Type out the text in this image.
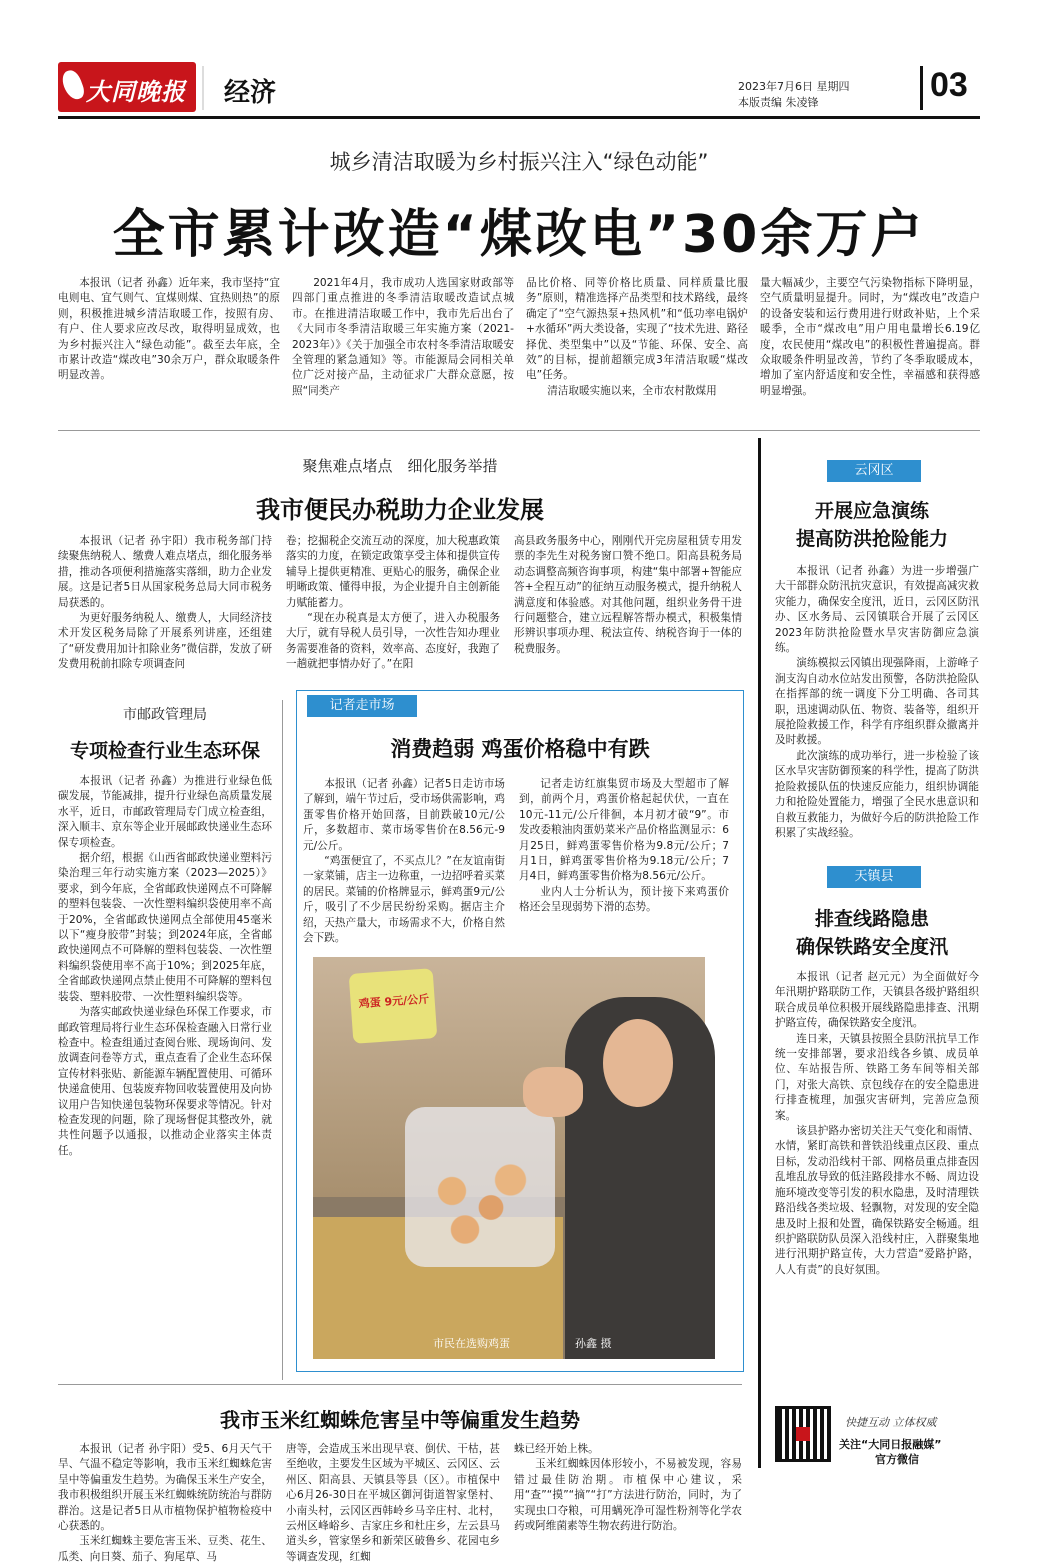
大同晚报 经济	2023年7月6日 星期四
本版责编 朱凌锋	03
城乡清洁取暖为乡村振兴注入“绿色动能”
全市累计改造“煤改电”30余万户

本报讯（记者 孙鑫）近年来，我市坚持“宜电则电、宜气则气、宜煤则煤、宜热则热”的原则，积极推进城乡清洁取暖工作，按照有房、有户、住人要求应改尽改，取得明显成效，也为乡村振兴注入“绿色动能”。截至去年底，全市累计改造“煤改电”30余万户，群众取暖条件明显改善。

2021年4月，我市成功人选国家财政部等四部门重点推进的冬季清洁取暖改造试点城市。在推进清洁取暖工作中，我市先后出台了《大同市冬季清洁取暖三年实施方案（2021-2023年）》《关于加强全市农村冬季清洁取暖安全管理的紧急通知》等。市能源局会同相关单位广泛对接产品，主动征求广大群众意愿，按照“同类产

品比价格、同等价格比质量、同样质量比服务”原则，精准选择产品类型和技术路线，最终确定了“空气源热泵+热风机”和“低功率电锅炉+水循环”两大类设备，实现了“技术先进、路径择优、类型集中”以及“节能、环保、安全、高效”的目标，提前超额完成3年清洁取暖“煤改电”任务。

清洁取暖实施以来，全市农村散煤用

量大幅减少，主要空气污染物指标下降明显，空气质量明显提升。同时，为“煤改电”改造户的设备安装和运行费用进行财政补贴，上个采暖季，全市“煤改电”用户用电量增长6.19亿度，农民使用“煤改电”的积极性普遍提高。群众取暖条件明显改善，节约了冬季取暖成本，增加了室内舒适度和安全性，幸福感和获得感明显增强。

聚焦难点堵点　细化服务举措
我市便民办税助力企业发展

本报讯（记者 孙宇阳）我市税务部门持续聚焦纳税人、缴费人难点堵点，细化服务举措，推动各项便利措施落实落细，助力企业发展。这是记者5日从国家税务总局大同市税务局获悉的。

为更好服务纳税人、缴费人，大同经济技术开发区税务局除了开展系列讲座，还组建了“研发费用加计扣除业务”微信群，发放了研发费用税前扣除专项调查问

卷；挖掘税企交流互动的深度，加大税惠政策落实的力度，在锁定政策享受主体和提供宣传辅导上提供更精准、更贴心的服务，确保企业明晰政策、懂得申报，为企业提升自主创新能力赋能蓄力。

“现在办税真是太方便了，进入办税服务大厅，就有导税人员引导，一次性告知办理业务需要准备的资料，效率高、态度好，我跑了一趟就把事情办好了。”在阳

高县政务服务中心，刚刚代开完房屋租赁专用发票的李先生对税务窗口赞不绝口。阳高县税务局动态调整高频咨询事项，构建“集中部署+智能应答+全程互动”的征纳互动服务模式，提升纳税人满意度和体验感。对其他问题，组织业务骨干进行问题整合，建立远程解答帮办模式，积极集情形辨识事项办理、税法宣传、纳税咨询于一体的税费服务。

市邮政管理局
专项检查行业生态环保

本报讯（记者 孙鑫）为推进行业绿色低碳发展，节能减排，提升行业绿色高质量发展水平，近日，市邮政管理局专门成立检查组，深入顺丰、京东等企业开展邮政快递业生态环保专项检查。

据介绍，根据《山西省邮政快递业塑料污染治理三年行动实施方案（2023—2025）》要求，到今年底，全省邮政快递网点不可降解的塑料包装袋、一次性塑料编织袋使用率不高于20%，全省邮政快递网点全部使用45毫米以下“瘦身胶带”封装；到2024年底，全省邮政快递网点不可降解的塑料包装袋、一次性塑料编织袋使用率不高于10%；到2025年底，全省邮政快递网点禁止使用不可降解的塑料包装袋、塑料胶带、一次性塑料编织袋等。

为落实邮政快递业绿色环保工作要求，市邮政管理局将行业生态环保检查融入日常行业检查中。检查组通过查阅台账、现场询问、发放调查问卷等方式，重点查看了企业生态环保宣传材料张贴、新能源车辆配置使用、可循环快递盒使用、包装废弃物回收装置使用及向协议用户告知快递包装物环保要求等情况。针对检查发现的问题，除了现场督促其整改外，就共性问题予以通报，以推动企业落实主体责任。

记者走市场
消费趋弱 鸡蛋价格稳中有跌

本报讯（记者 孙鑫）记者5日走访市场了解到，端午节过后，受市场供需影响，鸡蛋零售价格开始回落，目前跌破10元/公斤，多数超市、菜市场零售价在8.56元-9元/公斤。

“鸡蛋便宜了，不买点儿？”在友谊南街一家菜铺，店主一边称重，一边招呼着买菜的居民。菜铺的价格牌显示，鲜鸡蛋9元/公斤，吸引了不少居民纷纷采购。据店主介绍，天热产量大，市场需求不大，价格自然会下跌。

记者走访红旗集贸市场及大型超市了解到，前两个月，鸡蛋价格起起伏伏，一直在10元-11元/公斤徘徊，本月初才破“9”。市发改委粮油肉蛋奶菜米产品价格监测显示：6月25日，鲜鸡蛋零售价格为9.8元/公斤；7月1日，鲜鸡蛋零售价格为9.18元/公斤；7月4日，鲜鸡蛋零售价格为8.56元/公斤。

业内人士分析认为，预计接下来鸡蛋价格还会呈现弱势下滑的态势。

鸡蛋 9元/公斤
市民在选购鸡蛋	孙鑫 摄
我市玉米红蜘蛛危害呈中等偏重发生趋势

本报讯（记者 孙宇阳）受5、6月天气干旱、气温不稳定等影响，我市玉米红蜘蛛危害呈中等偏重发生趋势。为确保玉米生产安全，我市积极组织开展玉米红蜘蛛统防统治与群防群治。这是记者5日从市植物保护植物检疫中心获悉的。

玉米红蜘蛛主要危害玉米、豆类、花生、瓜类、向日葵、茄子、狗尾草、马

唐等，会造成玉米出现早衰、倒伏、干枯，甚至绝收，主要发生区域为平城区、云冈区、云州区、阳高县、天镇县等县（区）。市植保中心6月26-30日在平城区御河街道智家堡村、小南头村，云冈区西韩岭乡马辛庄村、北村，云州区峰峪乡、吉家庄乡和杜庄乡，左云县马道头乡，管家堡乡和新荣区破鲁乡、花园屯乡等调查发现，红蜘

蛛已经开始上株。

玉米红蜘蛛因体形较小，不易被发现，容易错过最佳防治期。市植保中心建议，采用“查”“摸”“摘”“打”方法进行防治，同时，为了实现虫口夺粮，可用螨死净可湿性粉剂等化学农药或阿维菌素等生物农药进行防治。

云冈区
开展应急演练
提高防洪抢险能力

本报讯（记者 孙鑫）为进一步增强广大干部群众防汛抗灾意识，有效提高减灾救灾能力，确保安全度汛，近日，云冈区防汛办、区水务局、云冈镇联合开展了云冈区2023年防洪抢险暨水旱灾害防御应急演练。

演练模拟云冈镇出现强降雨，上游峰子涧支沟自动水位站发出预警，各防洪抢险队在指挥部的统一调度下分工明确、各司其职，迅速调动队伍、物资、装备等，组织开展抢险救援工作，科学有序组织群众撤离并及时救援。

此次演练的成功举行，进一步检验了该区水旱灾害防御预案的科学性，提高了防洪抢险救援队伍的快速反应能力，组织协调能力和抢险处置能力，增强了全民水患意识和自救互救能力，为做好今后的防洪抢险工作积累了实战经验。

天镇县
排查线路隐患
确保铁路安全度汛

本报讯（记者 赵元元）为全面做好今年汛期护路联防工作，天镇县各级护路组织联合成员单位积极开展线路隐患排查、汛期护路宣传，确保铁路安全度汛。

连日来，天镇县按照全县防汛抗旱工作统一安排部署，要求沿线各乡镇、成员单位、车站报告所、铁路工务车间等相关部门，对张大高铁、京包线存在的安全隐患进行排查梳理，加强灾害研判，完善应急预案。

该县护路办密切关注天气变化和雨情、水情，紧盯高铁和普铁沿线重点区段、重点目标，发动沿线村干部、网格员重点排查因乱堆乱放导致的低洼路段排水不畅、周边设施环境改变等引发的积水隐患，及时清理铁路沿线各类垃圾、轻飘物，对发现的安全隐患及时上报和处置，确保铁路安全畅通。组织护路联防队员深入沿线村庄，入群聚集地进行汛期护路宣传，大力营造“爱路护路，人人有责”的良好氛围。

快捷互动 立体权威
关注“大同日报融媒”
官方微信
